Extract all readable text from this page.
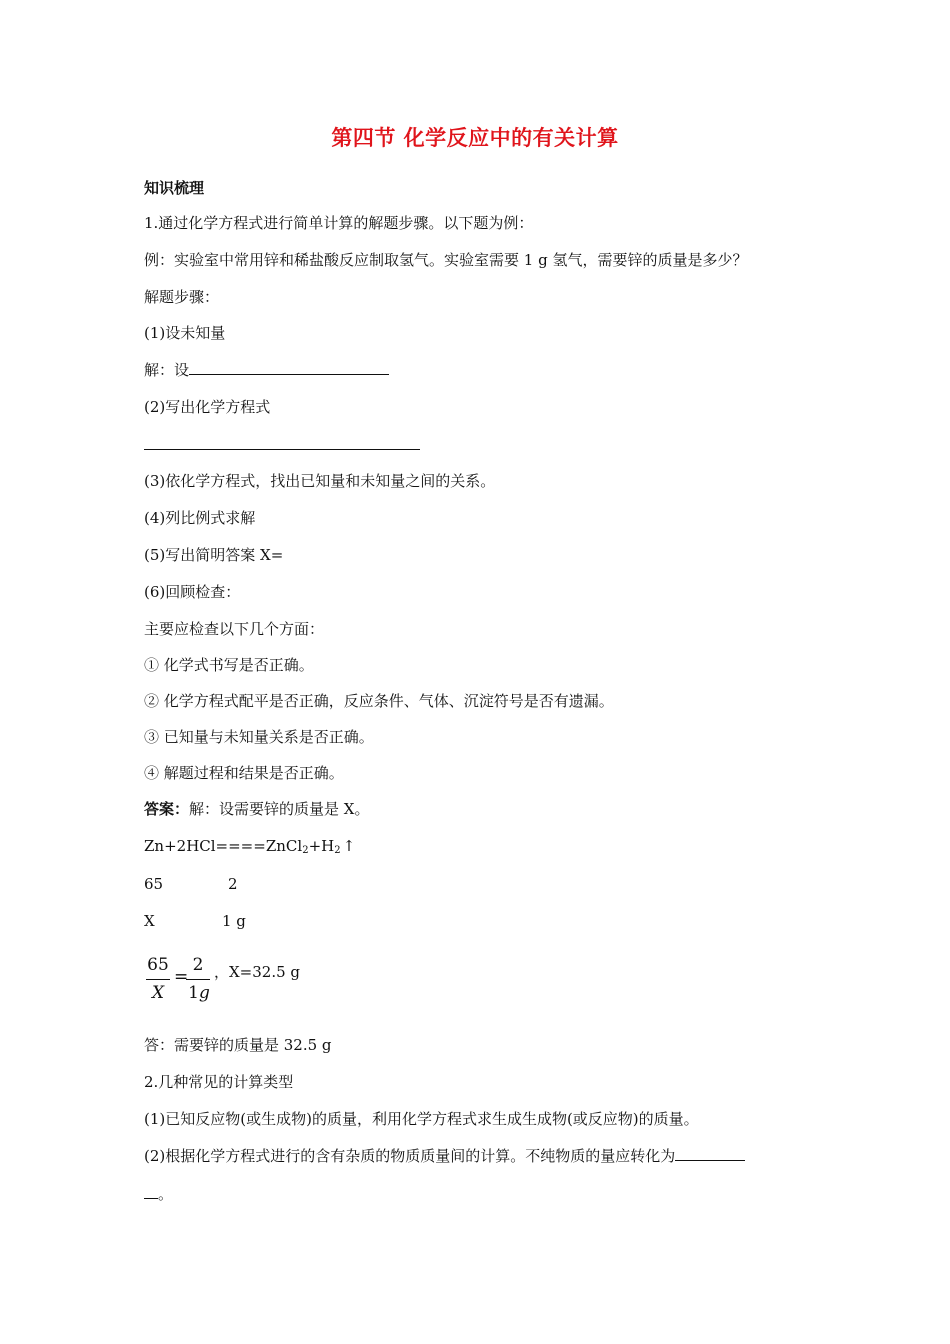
第四节 化学反应中的有关计算
知识梳理
1.通过化学方程式进行简单计算的解题步骤。以下题为例：
例：实验室中常用锌和稀盐酸反应制取氢气。实验室需要 1 g 氢气，需要锌的质量是多少？
解题步骤：
(1)设未知量
解：设
(2)写出化学方程式
(3)依化学方程式，找出已知量和未知量之间的关系。
(4)列比例式求解
(5)写出简明答案 X=
(6)回顾检查：
主要应检查以下几个方面：
① 化学式书写是否正确。
② 化学方程式配平是否正确，反应条件、气体、沉淀符号是否有遗漏。
③ 已知量与未知量关系是否正确。
④ 解题过程和结果是否正确。
答案：解：设需要锌的质量是 X。
$Zn+2HCl====ZnCl_2+H_2$ ↑
65	2
X	1 g
65
X
=
2
1g
，X=32.5 g
答：需要锌的质量是 32.5 g
2.几种常见的计算类型
(1)已知反应物(或生成物)的质量，利用化学方程式求生成生成物(或反应物)的质量。
(2)根据化学方程式进行的含有杂质的物质质量间的计算。不纯物质的量应转化为
。
